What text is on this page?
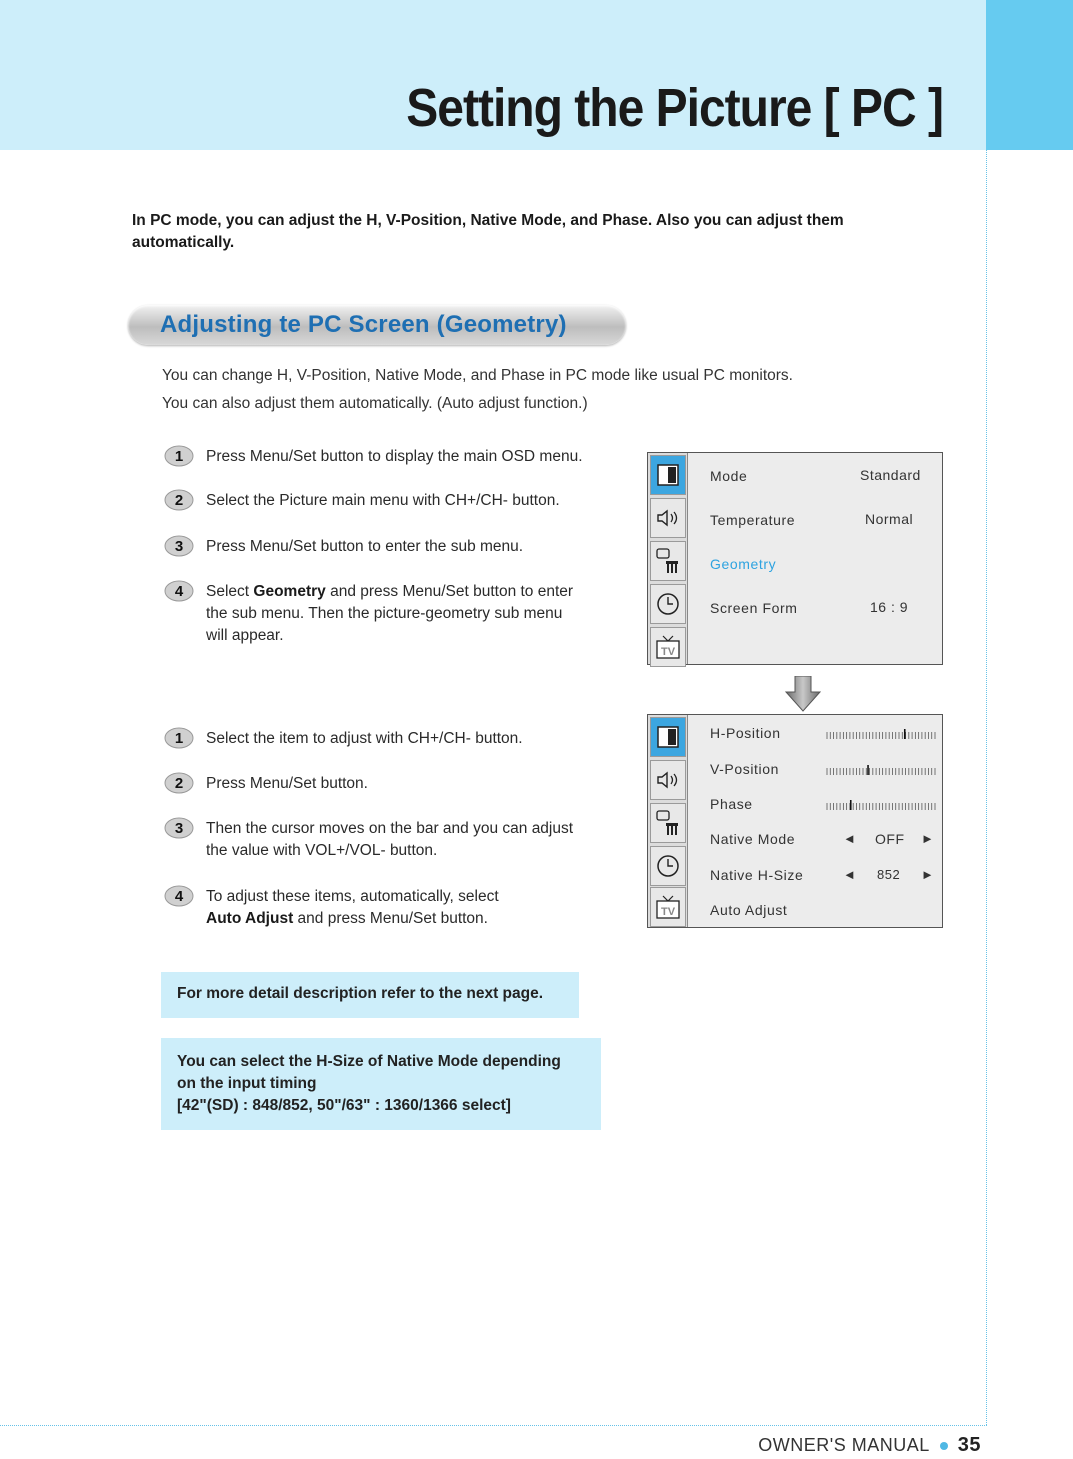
Setting the Picture [ PC ]
In PC mode, you can adjust the H, V-Position, Native Mode, and Phase. Also you can adjust them
automatically.
Adjusting te PC Screen (Geometry)
You can change H, V-Position, Native Mode, and Phase in PC mode like usual PC monitors.
You can also adjust them automatically. (Auto adjust function.)
1 Press Menu/Set button to display the main OSD menu.
2 Select the Picture main menu with CH+/CH- button.
3 Press Menu/Set button to enter the sub menu.
4 Select Geometry and press Menu/Set button to enter
the sub menu. Then the picture-geometry sub menu
will appear.
1 Select the item to adjust with CH+/CH- button.
2 Press Menu/Set button.
3 Then the cursor moves on the bar and you can adjust
the value with VOL+/VOL- button.
4 To adjust these items, automatically, select
Auto Adjust and press Menu/Set button.
For more detail description refer to the next page.
You can select the H-Size of Native Mode depending
on the input timing
[42"(SD) : 848/852, 50"/63" : 1360/1366 select]
TV
Mode	Standard
Temperature	Normal
Geometry
Screen Form	16 : 9
TV
H-Position
V-Position
Phase
Native Mode	◄ OFF ►
Native H-Size	◄ 852 ►
Auto Adjust
OWNER'S MANUAL 35
